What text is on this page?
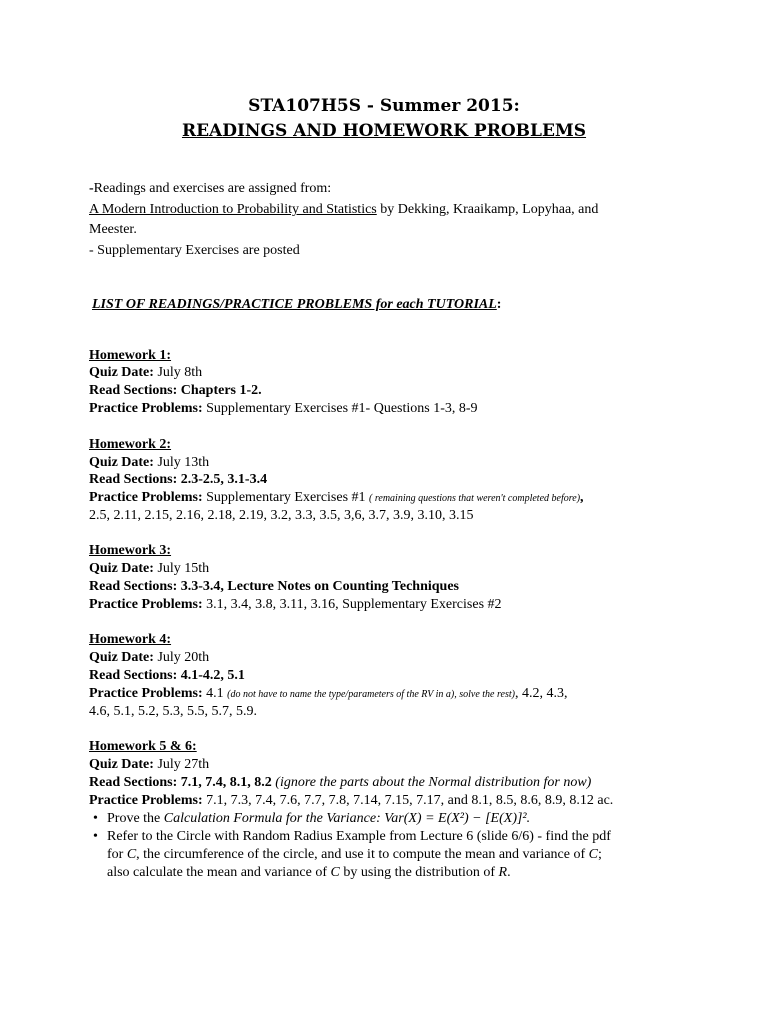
STA107H5S - Summer 2015:
READINGS AND HOMEWORK PROBLEMS
-Readings and exercises are assigned from:
A Modern Introduction to Probability and Statistics by Dekking, Kraaikamp, Lopyhaa, and
Meester.
- Supplementary Exercises are posted
LIST OF READINGS/PRACTICE PROBLEMS for each TUTORIAL:
Homework 1:
Quiz Date: July 8th
Read Sections: Chapters 1-2.
Practice Problems: Supplementary Exercises #1- Questions 1-3, 8-9
Homework 2:
Quiz Date: July 13th
Read Sections: 2.3-2.5, 3.1-3.4
Practice Problems: Supplementary Exercises #1 ( remaining questions that weren't completed before),
2.5, 2.11, 2.15, 2.16, 2.18, 2.19, 3.2, 3.3, 3.5, 3,6, 3.7, 3.9, 3.10, 3.15
Homework 3:
Quiz Date: July 15th
Read Sections: 3.3-3.4, Lecture Notes on Counting Techniques
Practice Problems: 3.1, 3.4, 3.8, 3.11, 3.16, Supplementary Exercises #2
Homework 4:
Quiz Date: July 20th
Read Sections: 4.1-4.2, 5.1
Practice Problems: 4.1 (do not have to name the type/parameters of the RV in a), solve the rest), 4.2, 4.3,
4.6, 5.1, 5.2, 5.3, 5.5, 5.7, 5.9.
Homework 5 & 6:
Quiz Date: July 27th
Read Sections: 7.1, 7.4, 8.1, 8.2 (ignore the parts about the Normal distribution for now)
Practice Problems: 7.1, 7.3, 7.4, 7.6, 7.7, 7.8, 7.14, 7.15, 7.17, and 8.1, 8.5, 8.6, 8.9, 8.12 ac.
• Prove the Calculation Formula for the Variance: Var(X) = E(X²) − [E(X)]².
• Refer to the Circle with Random Radius Example from Lecture 6 (slide 6/6) - find the pdf
for C, the circumference of the circle, and use it to compute the mean and variance of C;
also calculate the mean and variance of C by using the distribution of R.
